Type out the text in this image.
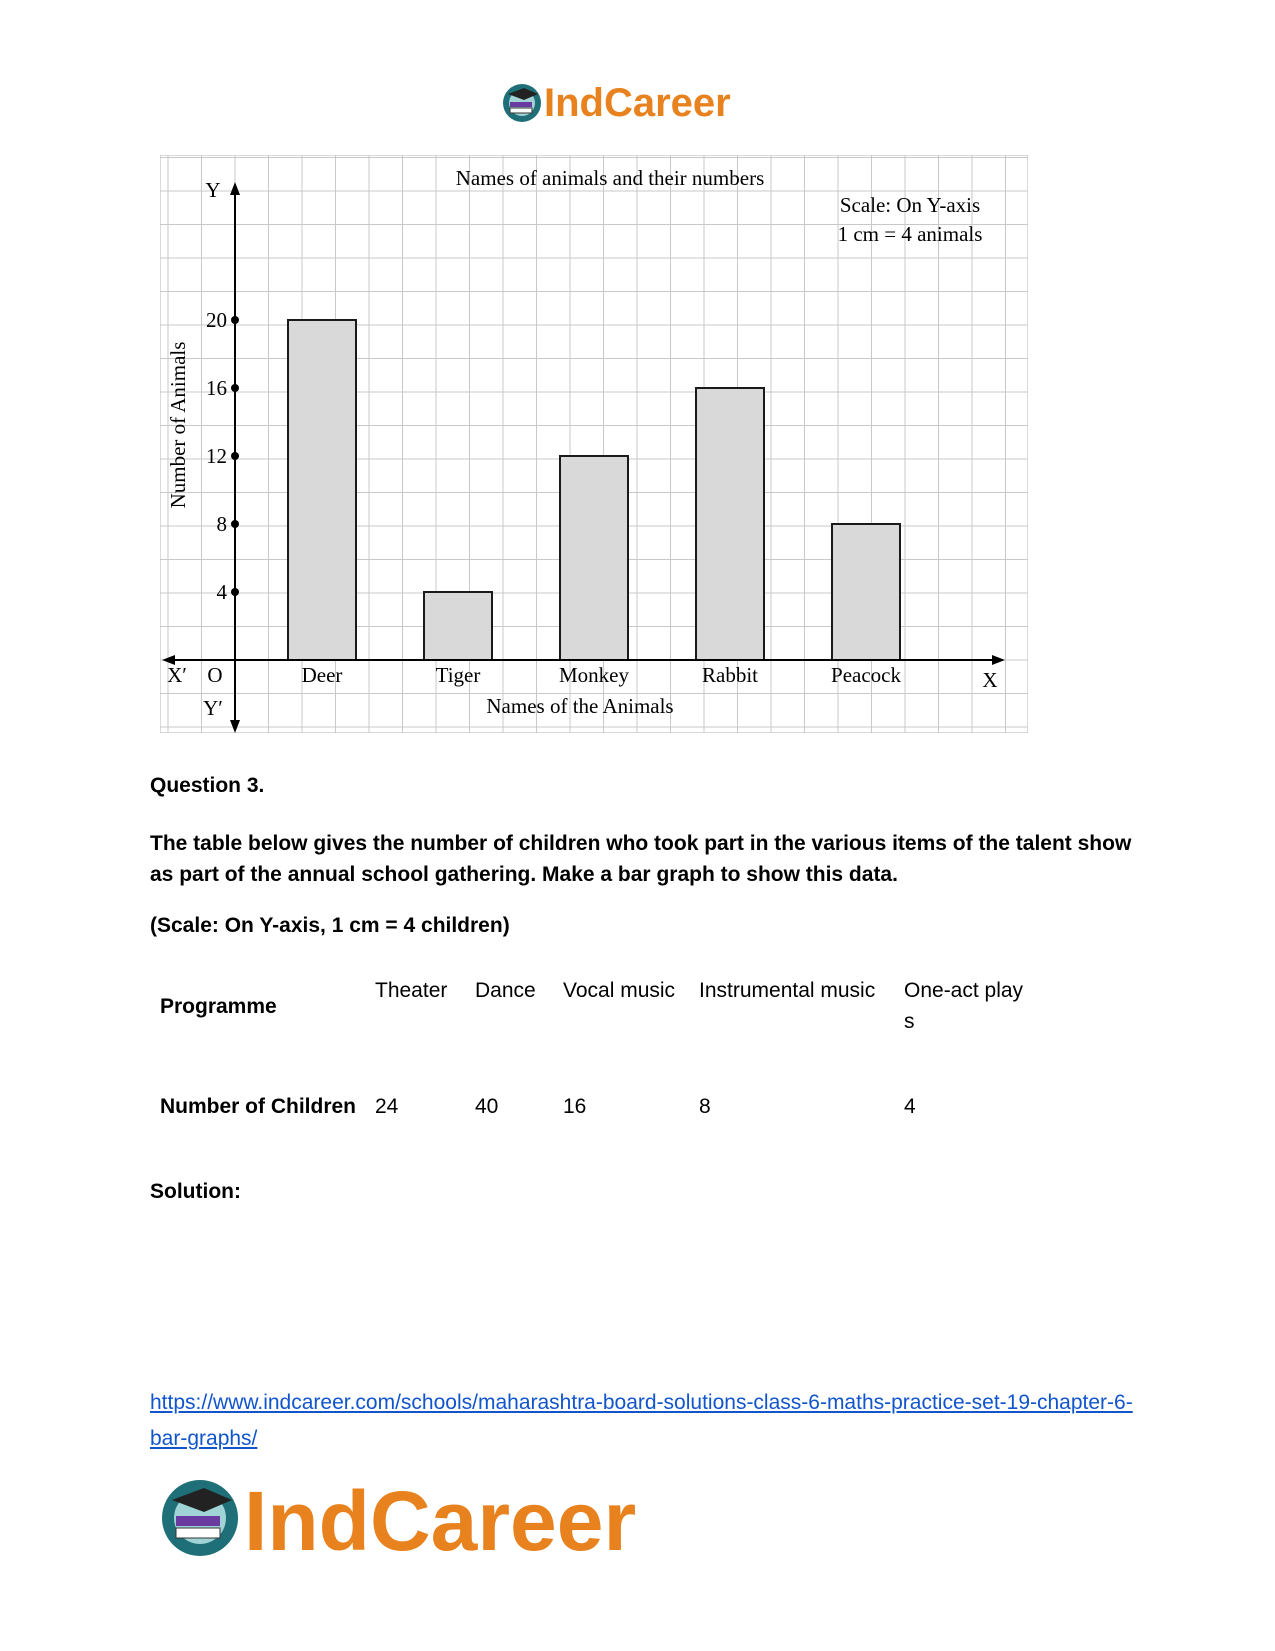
IndCareer
4
8
12
16
20
Deer	Tiger	Monkey	Rabbit	Peacock
Names of animals and their numbers
Scale: On Y-axis
1 cm = 4 animals
Names of the Animals
Number of Animals
Y
Y′
X′ O	X
Question 3.
The table below gives the number of children who took part in the various items of the talent show as part of the annual school gathering. Make a bar graph to show this data.
(Scale: On Y-axis, 1 cm = 4 children)
Programme	Theater	Dance	Vocal music	Instrumental music	One-act plays
Number of Children	24	40	16	8	4
Solution:
https://www.indcareer.com/schools/maharashtra-board-solutions-class-6-maths-practice-set-19-chapter-6-bar-graphs/
IndCareer
